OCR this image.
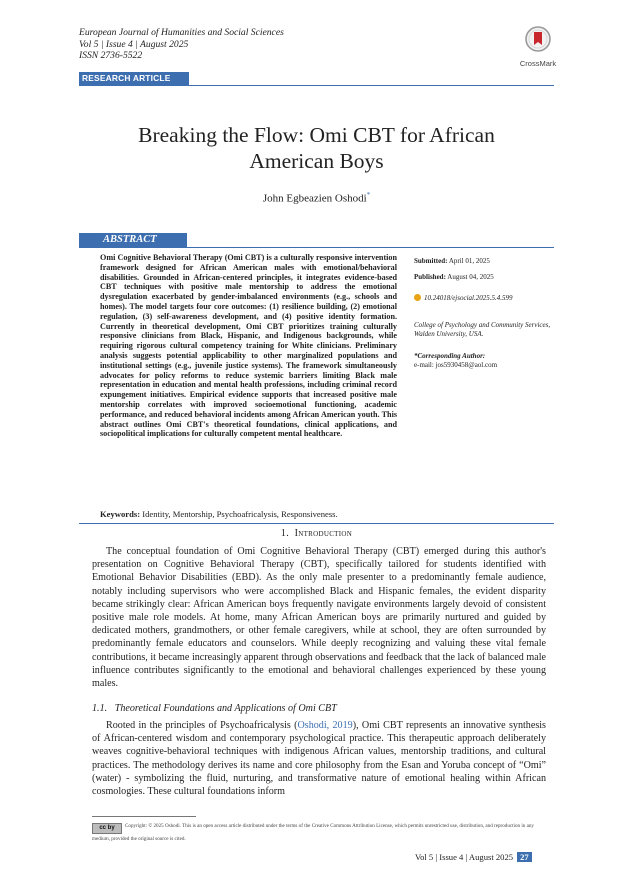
European Journal of Humanities and Social Sciences
Vol 5 | Issue 4 | August 2025
ISSN 2736-5522
CrossMark
RESEARCH ARTICLE
Breaking the Flow: Omi CBT for African
American Boys
John Egbeazien Oshodi*
ABSTRACT
Omi Cognitive Behavioral Therapy (Omi CBT) is a culturally responsive intervention framework designed for African American males with emotional/behavioral disabilities. Grounded in African-centered principles, it integrates evidence-based CBT techniques with positive male mentorship to address the emotional dysregulation exacerbated by gender-imbalanced environments (e.g., schools and homes). The model targets four core outcomes: (1) resilience building, (2) emotional regulation, (3) self-awareness development, and (4) positive identity formation. Currently in theoretical development, Omi CBT prioritizes training culturally responsive clinicians from Black, Hispanic, and Indigenous backgrounds, while requiring rigorous cultural competency training for White clinicians. Preliminary analysis suggests potential applicability to other marginalized populations and institutional settings (e.g., juvenile justice systems). The framework simultaneously advocates for policy reforms to reduce systemic barriers limiting Black male representation in education and mental health professions, including criminal record expungement initiatives. Empirical evidence supports that increased positive male mentorship correlates with improved socioemotional functioning, academic performance, and reduced behavioral incidents among African American youth. This abstract outlines Omi CBT's theoretical foundations, clinical applications, and sociopolitical implications for culturally competent mental healthcare.
Submitted: April 01, 2025
Published: August 04, 2025
10.24018/ejsocial.2025.5.4.599
College of Psychology and Community Services, Walden University, USA.
*Corresponding Author:
e-mail: jos5930458@aol.com
Keywords: Identity, Mentorship, Psychoafricalysis, Responsiveness.
1. Introduction
The conceptual foundation of Omi Cognitive Behavioral Therapy (CBT) emerged during this author's presentation on Cognitive Behavioral Therapy (CBT), specifically tailored for students identified with Emotional Behavior Disabilities (EBD). As the only male presenter to a predominantly female audience, notably including supervisors who were accomplished Black and Hispanic females, the evident disparity became strikingly clear: African American boys frequently navigate environments largely devoid of consistent positive male role models. At home, many African American boys are primarily nurtured and guided by dedicated mothers, grandmothers, or other female caregivers, while at school, they are often surrounded by predominantly female educators and counselors. While deeply recognizing and valuing these vital female contributions, it became increasingly apparent through observations and feedback that the lack of balanced male influence contributes significantly to the emotional and behavioral challenges experienced by these young males.
1.1. Theoretical Foundations and Applications of Omi CBT
Rooted in the principles of Psychoafricalysis (Oshodi, 2019), Omi CBT represents an innovative synthesis of African-centered wisdom and contemporary psychological practice. This therapeutic approach deliberately weaves cognitive-behavioral techniques with indigenous African values, mentorship traditions, and cultural practices. The methodology derives its name and core philosophy from the Esan and Yoruba concept of “Omi” (water) - symbolizing the fluid, nurturing, and transformative nature of emotional healing within African cosmologies. These cultural foundations inform
cc by Copyright: © 2025 Oshodi. This is an open access article distributed under the terms of the Creative Commons Attribution License, which permits unrestricted use, distribution, and reproduction in any medium, provided the original source is cited.
Vol 5 | Issue 4 | August 2025 27
